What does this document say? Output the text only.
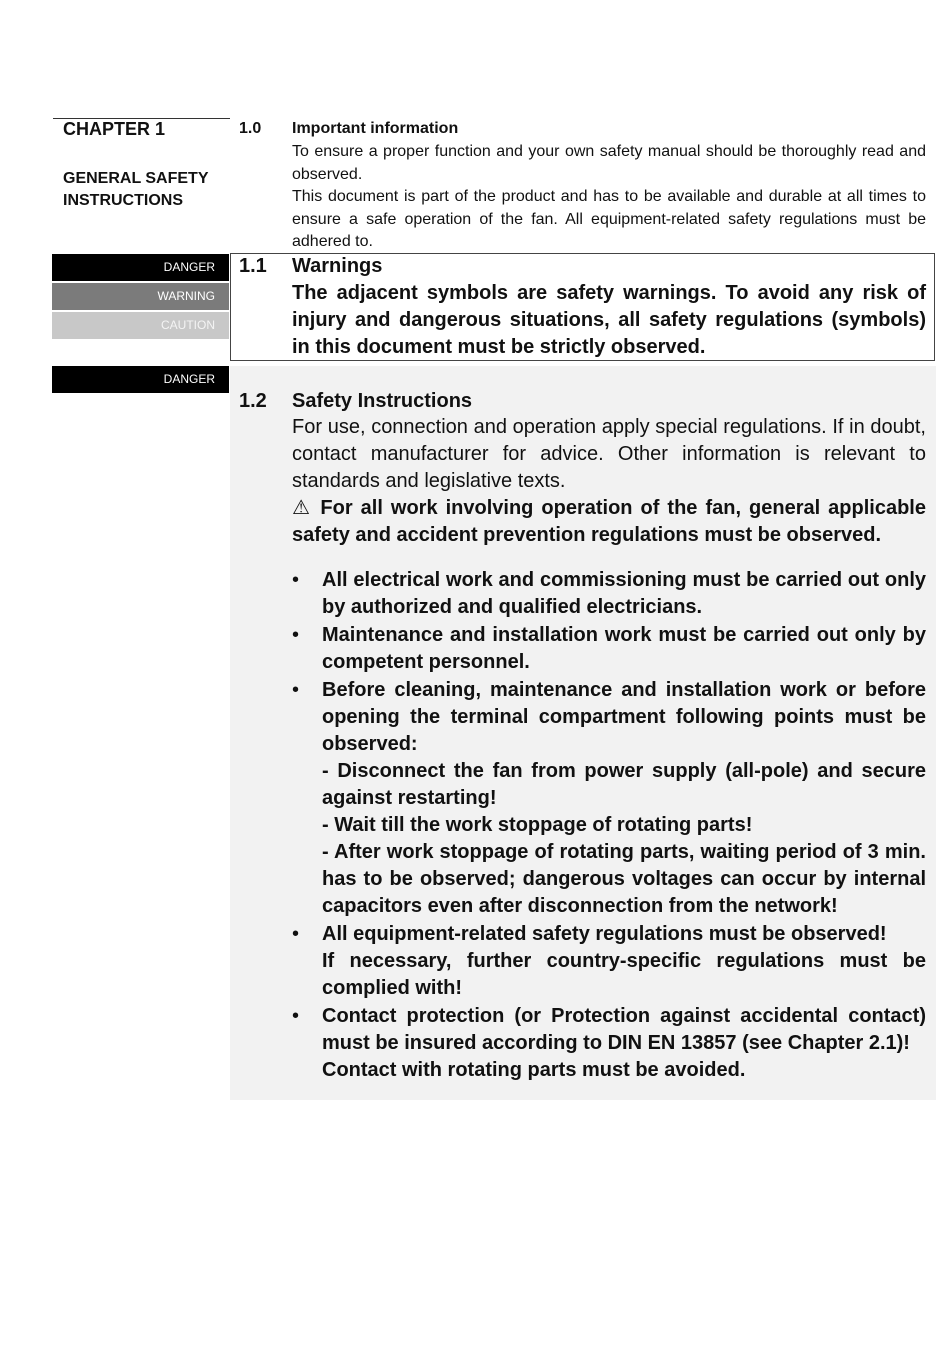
CHAPTER 1
GENERAL SAFETY
INSTRUCTIONS
DANGER
WARNING
CAUTION
DANGER
1.0 Important information
To ensure a proper function and your own safety manual should be thoroughly read and observed.
This document is part of the product and has to be available and durable at all times to ensure a safe operation of the fan. All equipment-related safety regulations must be adhered to.
1.1 Warnings
The adjacent symbols are safety warnings. To avoid any risk of injury and dangerous situations, all safety regulations (symbols) in this document must be strictly observed.
1.2 Safety Instructions
For use, connection and operation apply special regulations. If in doubt, contact manufacturer for advice. Other information is relevant to standards and legislative texts.
⚠ For all work involving operation of the fan, general applicable safety and accident prevention regulations must be observed.
• All electrical work and commissioning must be carried out only by authorized and qualified electricians.
• Maintenance and installation work must be carried out only by competent personnel.
• Before cleaning, maintenance and installation work or before opening the terminal compartment following points must be observed:
- Disconnect the fan from power supply (all-pole) and secure against restarting!
- Wait till the work stoppage of rotating parts!
- After work stoppage of rotating parts, waiting period of 3 min. has to be observed; dangerous voltages can occur by internal capacitors even after disconnection from the network!
• All equipment-related safety regulations must be observed!
If necessary, further country-specific regulations must be complied with!
• Contact protection (or Protection against accidental contact) must be insured according to DIN EN 13857 (see Chapter 2.1)!
Contact with rotating parts must be avoided.
